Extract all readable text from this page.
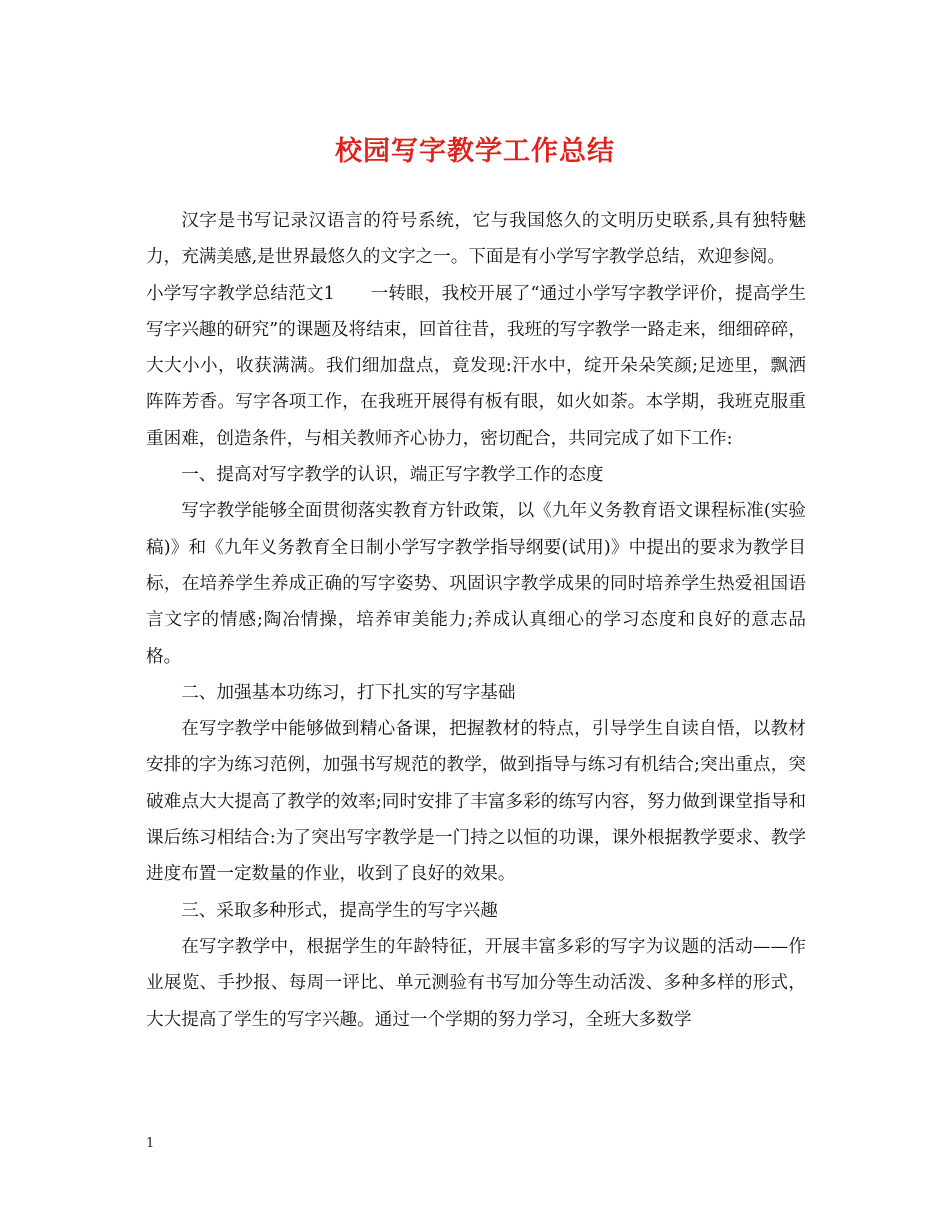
校园写字教学工作总结

汉字是书写记录汉语言的符号系统，它与我国悠久的文明历史联系,具有独特魅力，充满美感,是世界最悠久的文字之一。下面是有小学写字教学总结，欢迎参阅。

小学写字教学总结范文1　　一转眼，我校开展了“通过小学写字教学评价，提高学生写字兴趣的研究”的课题及将结束，回首往昔，我班的写字教学一路走来，细细碎碎，大大小小，收获满满。我们细加盘点，竟发现:汗水中，绽开朵朵笑颜;足迹里，飘洒阵阵芳香。写字各项工作，在我班开展得有板有眼，如火如荼。本学期，我班克服重重困难，创造条件，与相关教师齐心协力，密切配合，共同完成了如下工作:

一、提高对写字教学的认识，端正写字教学工作的态度

写字教学能够全面贯彻落实教育方针政策，以《九年义务教育语文课程标准(实验稿)》和《九年义务教育全日制小学写字教学指导纲要(试用)》中提出的要求为教学目标，在培养学生养成正确的写字姿势、巩固识字教学成果的同时培养学生热爱祖国语言文字的情感;陶冶情操，培养审美能力;养成认真细心的学习态度和良好的意志品格。

二、加强基本功练习，打下扎实的写字基础

在写字教学中能够做到精心备课，把握教材的特点，引导学生自读自悟，以教材安排的字为练习范例，加强书写规范的教学，做到指导与练习有机结合;突出重点，突破难点大大提高了教学的效率;同时安排了丰富多彩的练写内容，努力做到课堂指导和课后练习相结合:为了突出写字教学是一门持之以恒的功课，课外根据教学要求、教学进度布置一定数量的作业，收到了良好的效果。

三、采取多种形式，提高学生的写字兴趣

在写字教学中，根据学生的年龄特征，开展丰富多彩的写字为议题的活动——作业展览、手抄报、每周一评比、单元测验有书写加分等生动活泼、多种多样的形式，大大提高了学生的写字兴趣。通过一个学期的努力学习，全班大多数学

1
